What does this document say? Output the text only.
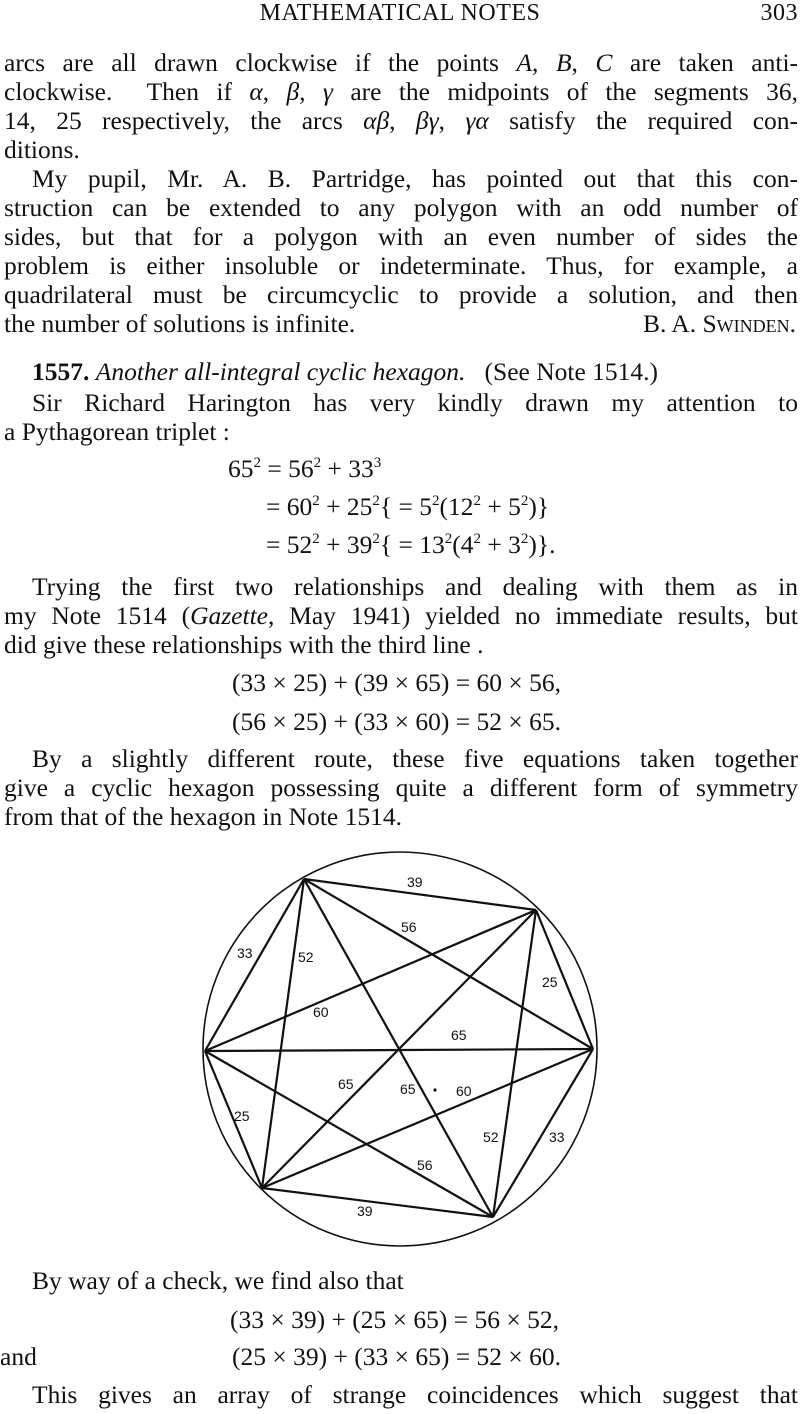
MATHEMATICAL NOTES	303
arcs are all drawn clockwise if the points A, B, C are taken anti-
clockwise.  Then if α, β, γ are the midpoints of the segments 36,
14, 25 respectively, the arcs αβ, βγ, γα satisfy the required con-
ditions.
My pupil, Mr. A. B. Partridge, has pointed out that this con-
struction can be extended to any polygon with an odd number of
sides, but that for a polygon with an even number of sides the
problem is either insoluble or indeterminate. Thus, for example, a
quadrilateral must be circumcyclic to provide a solution, and then
the number of solutions is infinite.	B. A. Swinden.
1557. Another all-integral cyclic hexagon. (See Note 1514.)
Sir Richard Harington has very kindly drawn my attention to
a Pythagorean triplet :
$65^2 = 56^2 + 33^3$
= $60^2 + 25^2\{ = 5^2(12^2 + 5^2)\}$
= $52^2 + 39^2\{ = 13^2(4^2 + 3^2)\}$.
Trying the first two relationships and dealing with them as in
my Note 1514 (Gazette, May 1941) yielded no immediate results, but
did give these relationships with the third line .
(33 × 25) + (39 × 65) = 60 × 56,
(56 × 25) + (33 × 60) = 52 × 65.
By a slightly different route, these five equations taken together
give a cyclic hexagon possessing quite a different form of symmetry
from that of the hexagon in Note 1514.
39
56
33	52
25
60
65
65	65	60
25
52	33
56
39
By way of a check, we find also that
(33 × 39) + (25 × 65) = 56 × 52,
and	(25 × 39) + (33 × 65) = 52 × 60.
This gives an array of strange coincidences which suggest that
